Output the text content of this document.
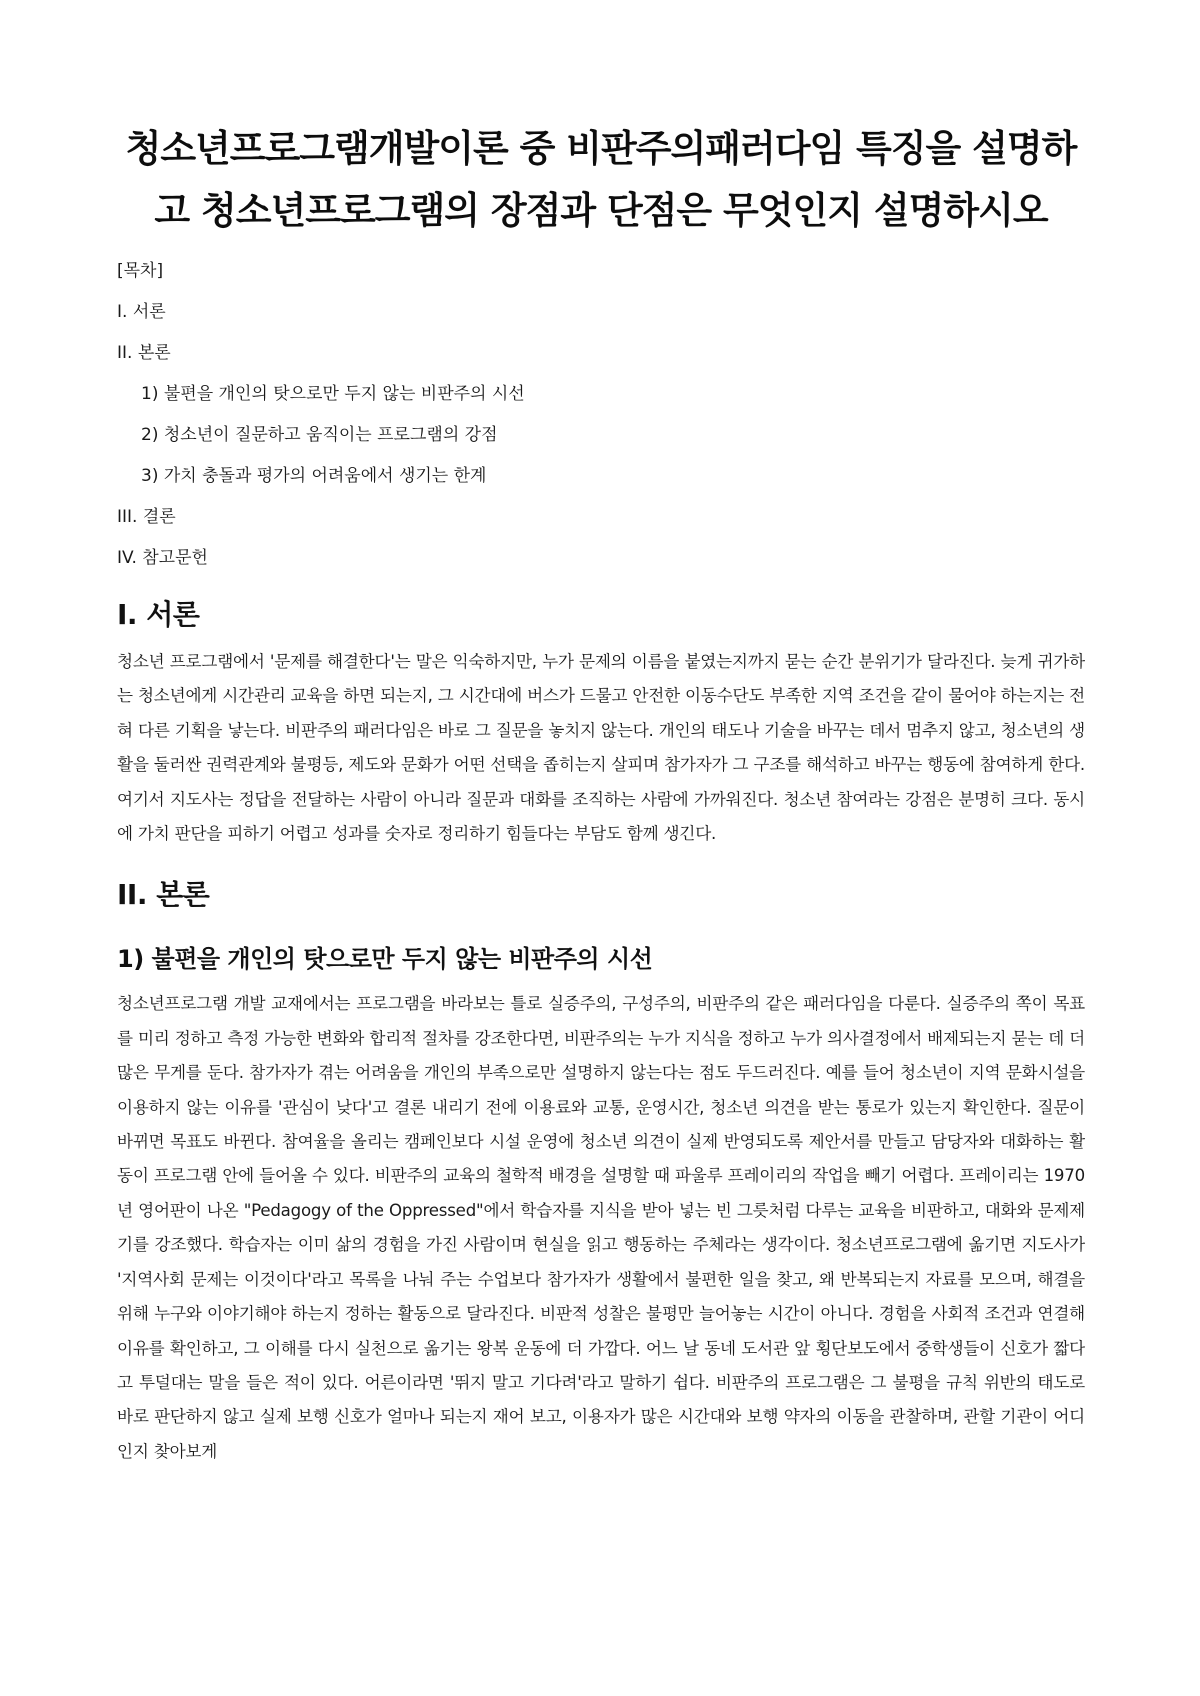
청소년프로그램개발이론 중 비판주의패러다임 특징을 설명하고 청소년프로그램의 장점과 단점은 무엇인지 설명하시오
[목차]
I. 서론
II. 본론
1) 불편을 개인의 탓으로만 두지 않는 비판주의 시선
2) 청소년이 질문하고 움직이는 프로그램의 강점
3) 가치 충돌과 평가의 어려움에서 생기는 한계
III. 결론
IV. 참고문헌
I. 서론

청소년 프로그램에서 '문제를 해결한다'는 말은 익숙하지만, 누가 문제의 이름을 붙였는지까지 묻는 순간 분위기가 달라진다. 늦게 귀가하는 청소년에게 시간관리 교육을 하면 되는지, 그 시간대에 버스가 드물고 안전한 이동수단도 부족한 지역 조건을 같이 물어야 하는지는 전혀 다른 기획을 낳는다. 비판주의 패러다임은 바로 그 질문을 놓치지 않는다. 개인의 태도나 기술을 바꾸는 데서 멈추지 않고, 청소년의 생활을 둘러싼 권력관계와 불평등, 제도와 문화가 어떤 선택을 좁히는지 살피며 참가자가 그 구조를 해석하고 바꾸는 행동에 참여하게 한다. 여기서 지도사는 정답을 전달하는 사람이 아니라 질문과 대화를 조직하는 사람에 가까워진다. 청소년 참여라는 강점은 분명히 크다. 동시에 가치 판단을 피하기 어렵고 성과를 숫자로 정리하기 힘들다는 부담도 함께 생긴다.

II. 본론
1) 불편을 개인의 탓으로만 두지 않는 비판주의 시선

청소년프로그램 개발 교재에서는 프로그램을 바라보는 틀로 실증주의, 구성주의, 비판주의 같은 패러다임을 다룬다. 실증주의 쪽이 목표를 미리 정하고 측정 가능한 변화와 합리적 절차를 강조한다면, 비판주의는 누가 지식을 정하고 누가 의사결정에서 배제되는지 묻는 데 더 많은 무게를 둔다. 참가자가 겪는 어려움을 개인의 부족으로만 설명하지 않는다는 점도 두드러진다. 예를 들어 청소년이 지역 문화시설을 이용하지 않는 이유를 '관심이 낮다'고 결론 내리기 전에 이용료와 교통, 운영시간, 청소년 의견을 받는 통로가 있는지 확인한다. 질문이 바뀌면 목표도 바뀐다. 참여율을 올리는 캠페인보다 시설 운영에 청소년 의견이 실제 반영되도록 제안서를 만들고 담당자와 대화하는 활동이 프로그램 안에 들어올 수 있다. 비판주의 교육의 철학적 배경을 설명할 때 파울루 프레이리의 작업을 빼기 어렵다. 프레이리는 1970년 영어판이 나온 "Pedagogy of the Oppressed"에서 학습자를 지식을 받아 넣는 빈 그릇처럼 다루는 교육을 비판하고, 대화와 문제제기를 강조했다. 학습자는 이미 삶의 경험을 가진 사람이며 현실을 읽고 행동하는 주체라는 생각이다. 청소년프로그램에 옮기면 지도사가 '지역사회 문제는 이것이다'라고 목록을 나눠 주는 수업보다 참가자가 생활에서 불편한 일을 찾고, 왜 반복되는지 자료를 모으며, 해결을 위해 누구와 이야기해야 하는지 정하는 활동으로 달라진다. 비판적 성찰은 불평만 늘어놓는 시간이 아니다. 경험을 사회적 조건과 연결해 이유를 확인하고, 그 이해를 다시 실천으로 옮기는 왕복 운동에 더 가깝다. 어느 날 동네 도서관 앞 횡단보도에서 중학생들이 신호가 짧다고 투덜대는 말을 들은 적이 있다. 어른이라면 '뛰지 말고 기다려'라고 말하기 쉽다. 비판주의 프로그램은 그 불평을 규칙 위반의 태도로 바로 판단하지 않고 실제 보행 신호가 얼마나 되는지 재어 보고, 이용자가 많은 시간대와 보행 약자의 이동을 관찰하며, 관할 기관이 어디인지 찾아보게
